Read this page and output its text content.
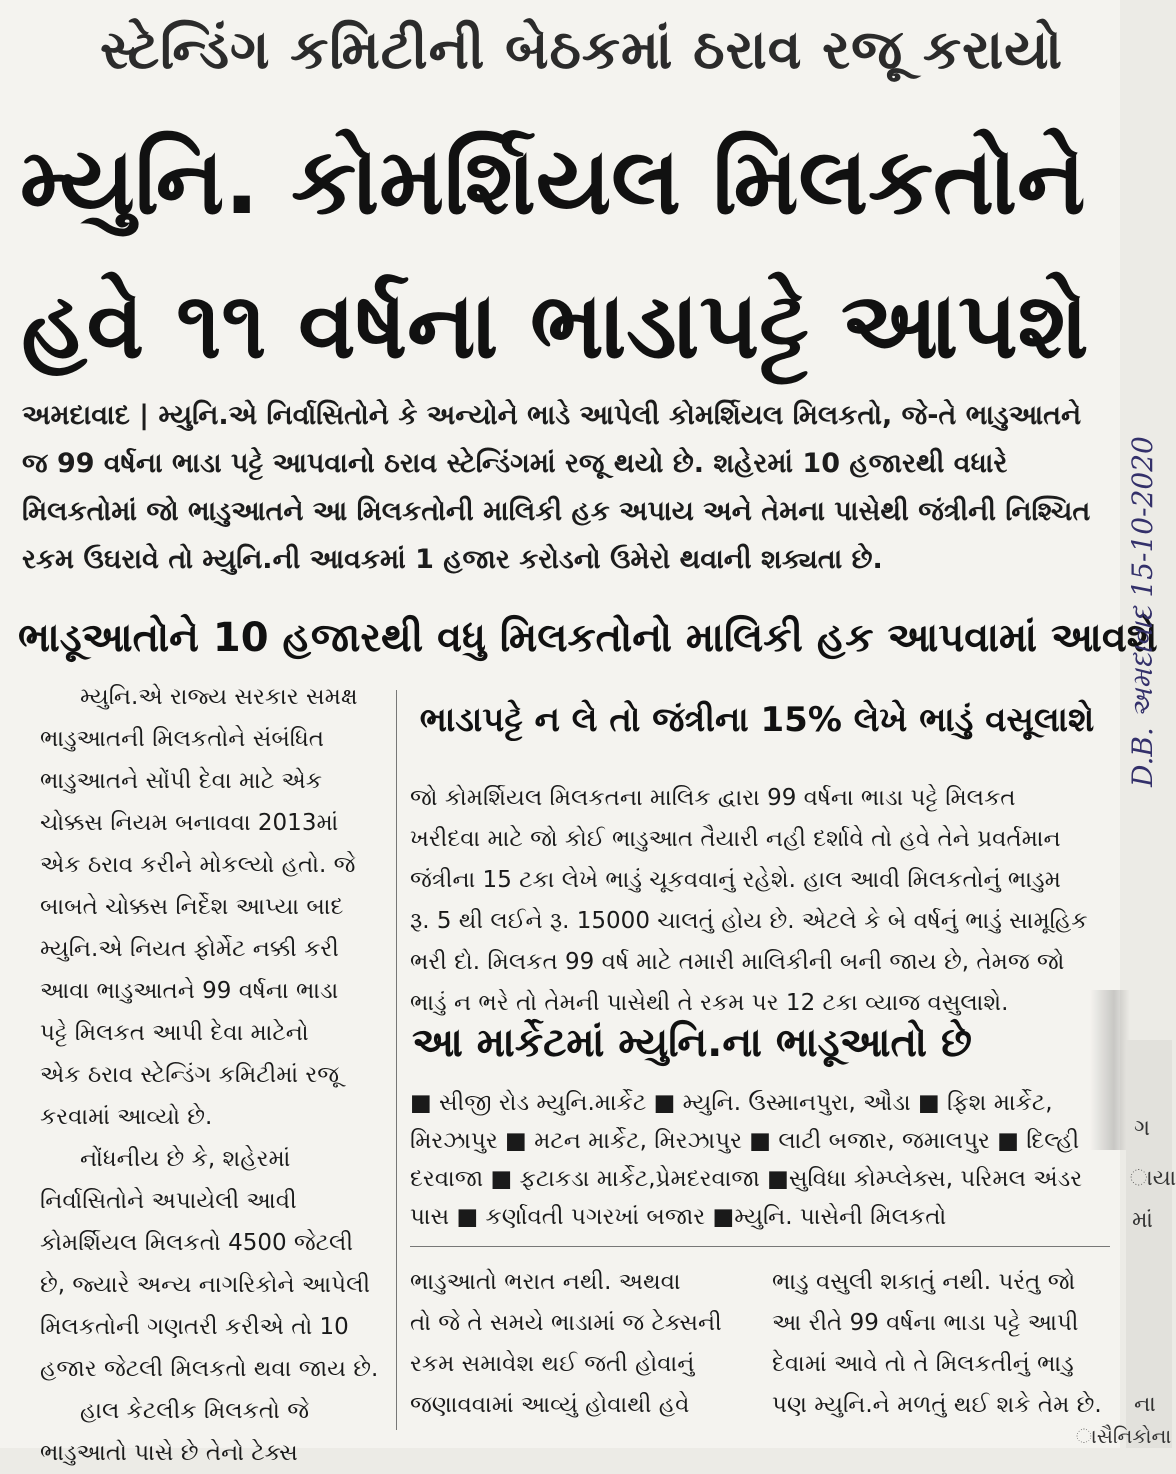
સ્ટેન્ડિંગ કમિટીની બેઠકમાં ઠરાવ રજૂ કરાયો
મ્યુનિ. કોમર્શિયલ મિલકતોને
હવે ૧૧ વર્ષના ભાડાપટ્ટે આપશે
અમદાવાદ | મ્યુનિ.એ નિર્વાસિતોને કે અન્યોને ભાડે આપેલી કોમર્શિયલ મિલકતો, જે-તે ભાડુઆતને
જ 99 વર્ષના ભાડા પટ્ટે આપવાનો ઠરાવ સ્ટેન્ડિંગમાં રજૂ થયો છે. શહેરમાં 10 હજારથી વધારે
મિલકતોમાં જો ભાડુઆતને આ મિલકતોની માલિકી હક અપાય અને તેમના પાસેથી જંત્રીની નિશ્ચિત
રકમ ઉઘરાવે તો મ્યુનિ.ની આવકમાં 1 હજાર કરોડનો ઉમેરો થવાની શક્યતા છે.
ભાડૂઆતોને 10 હજારથી વધુ મિલકતોનો માલિકી હક આપવામાં આવશે
મ્યુનિ.એ રાજ્ય સરકાર સમક્ષ
ભાડુઆતની મિલકતોને સંબંધિત
ભાડુઆતને સોંપી દેવા માટે એક
ચોક્કસ નિયમ બનાવવા 2013માં
એક ઠરાવ કરીને મોકલ્યો હતો. જે
બાબતે ચોક્કસ નિર્દેશ આપ્યા બાદ
મ્યુનિ.એ નિયત ફોર્મેટ નક્કી કરી
આવા ભાડુઆતને 99 વર્ષના ભાડા
પટ્ટે મિલકત આપી દેવા માટેનો
એક ઠરાવ સ્ટેન્ડિંગ કમિટીમાં રજૂ
કરવામાં આવ્યો છે.
નોંધનીય છે કે, શહેરમાં
નિર્વાસિતોને અપાયેલી આવી
કોમર્શિયલ મિલકતો 4500 જેટલી
છે, જ્યારે અન્ય નાગરિકોને આપેલી
મિલકતોની ગણતરી કરીએ તો 10
હજાર જેટલી મિલકતો થવા જાય છે.
હાલ કેટલીક મિલકતો જે
ભાડુઆતો પાસે છે તેનો ટેક્સ
ભાડાપટ્ટે ન લે તો જંત્રીના 15% લેખે ભાડું વસૂલાશે
જો કોમર્શિયલ મિલકતના માલિક દ્વારા 99 વર્ષના ભાડા પટ્ટે મિલકત
ખરીદવા માટે જો કોઈ ભાડુઆત તૈયારી નહી દર્શાવે તો હવે તેને પ્રવર્તમાન
જંત્રીના 15 ટકા લેખે ભાડું ચૂકવવાનું રહેશે. હાલ આવી મિલકતોનું ભાડુમ
રૂ. 5 થી લઈને રૂ. 15000 ચાલતું હોય છે. એટલે કે બે વર્ષનું ભાડું સામૂહિક
ભરી દો. મિલકત 99 વર્ષ માટે તમારી માલિકીની બની જાય છે, તેમજ જો
ભાડું ન ભરે તો તેમની પાસેથી તે રકમ પર 12 ટકા વ્યાજ વસુલાશે.
આ માર્કેટમાં મ્યુનિ.ના ભાડૂઆતો છે
■ સીજી રોડ મ્યુનિ.માર્કેટ ■ મ્યુનિ. ઉસ્માનપુરા, ઔડા ■ ફિશ માર્કેટ,
મિરઝાપુર ■ મટન માર્કેટ, મિરઝાપુર ■ લાટી બજાર, જમાલપુર ■ દિલ્હી
દરવાજા ■ ફટાકડા માર્કેટ,પ્રેમદરવાજા ■સુવિધા કોમ્પ્લેક્સ, પરિમલ અંડર
પાસ ■ કર્ણાવતી પગરખાં બજાર ■મ્યુનિ. પાસેની મિલકતો
ભાડુઆતો ભરાત નથી. અથવા
તો જે તે સમયે ભાડામાં જ ટેક્સની
રકમ સમાવેશ થઈ જતી હોવાનું
જણાવવામાં આવ્યું હોવાથી હવે
ભાડુ વસુલી શકાતું નથી. પરંતુ જો
આ રીતે 99 વર્ષના ભાડા પટ્ટે આપી
દેવામાં આવે તો તે મિલકતીનું ભાડુ
પણ મ્યુનિ.ને મળતું થઈ શકે તેમ છે.
ગ
ાયા
માં
ના
ાસૈનિકોના
D.B. અમદાવાદ 15-10-2020
